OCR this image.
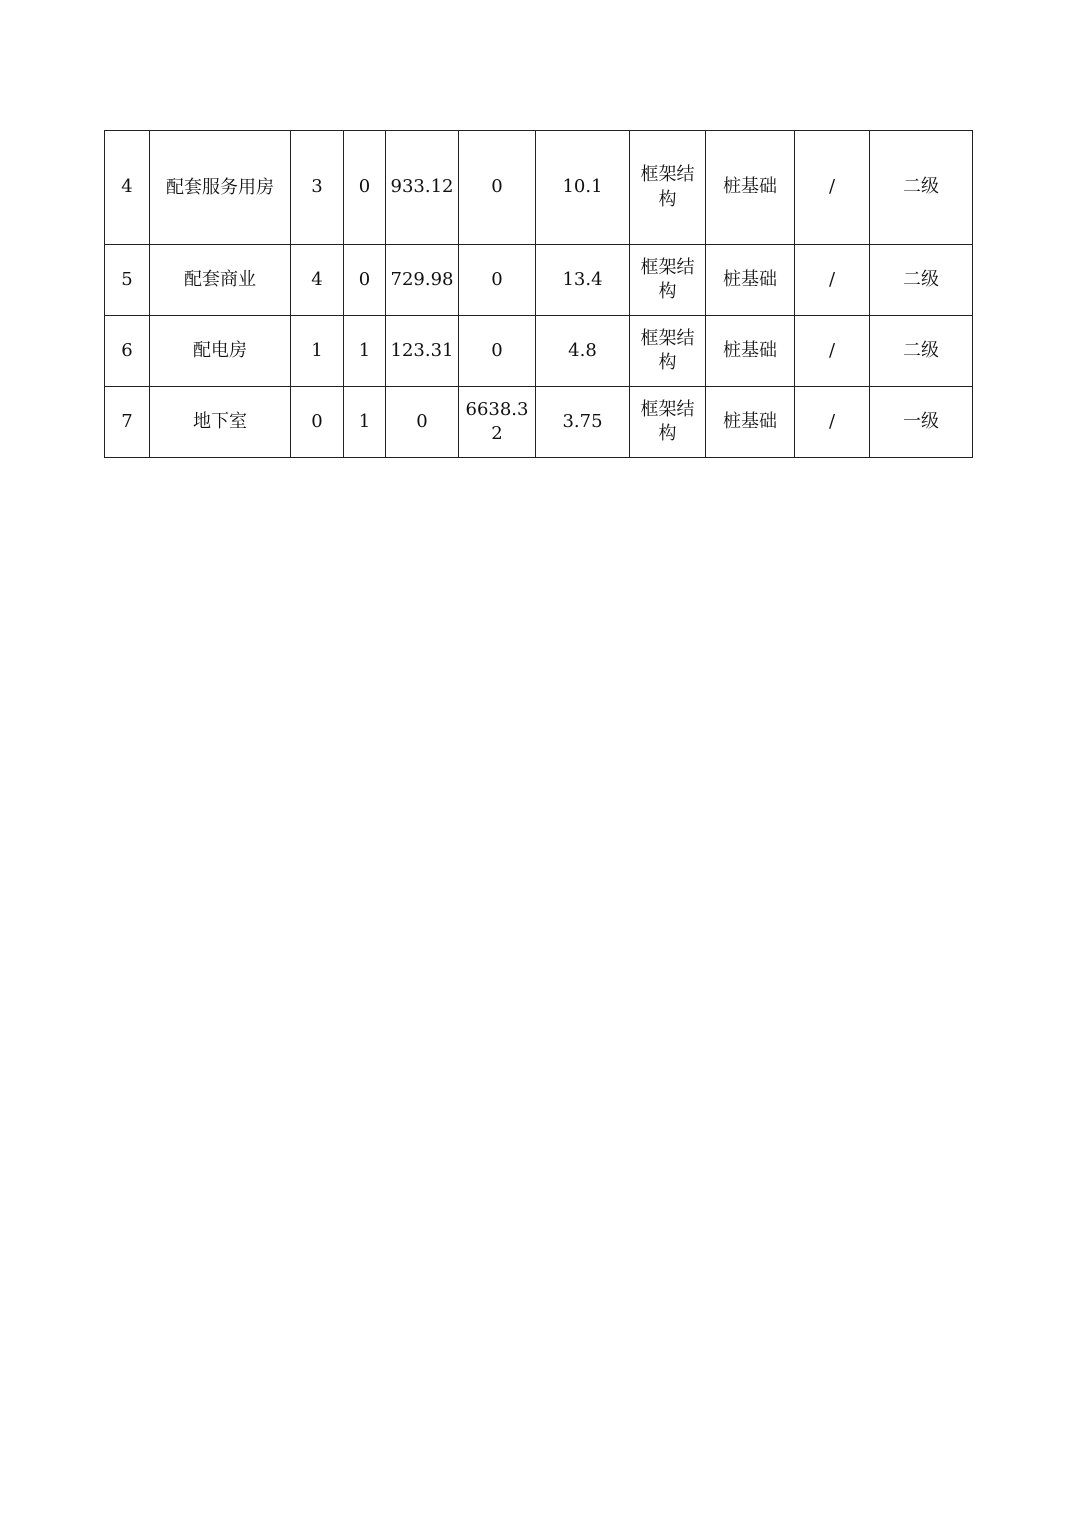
4	配套服务用房	3	0	933.12	0	10.1	框架结构	桩基础	/	二级
5	配套商业	4	0	729.98	0	13.4	框架结构	桩基础	/	二级
6	配电房	1	1	123.31	0	4.8	框架结构	桩基础	/	二级
7	地下室	0	1	0	6638.32	3.75	框架结构	桩基础	/	一级
